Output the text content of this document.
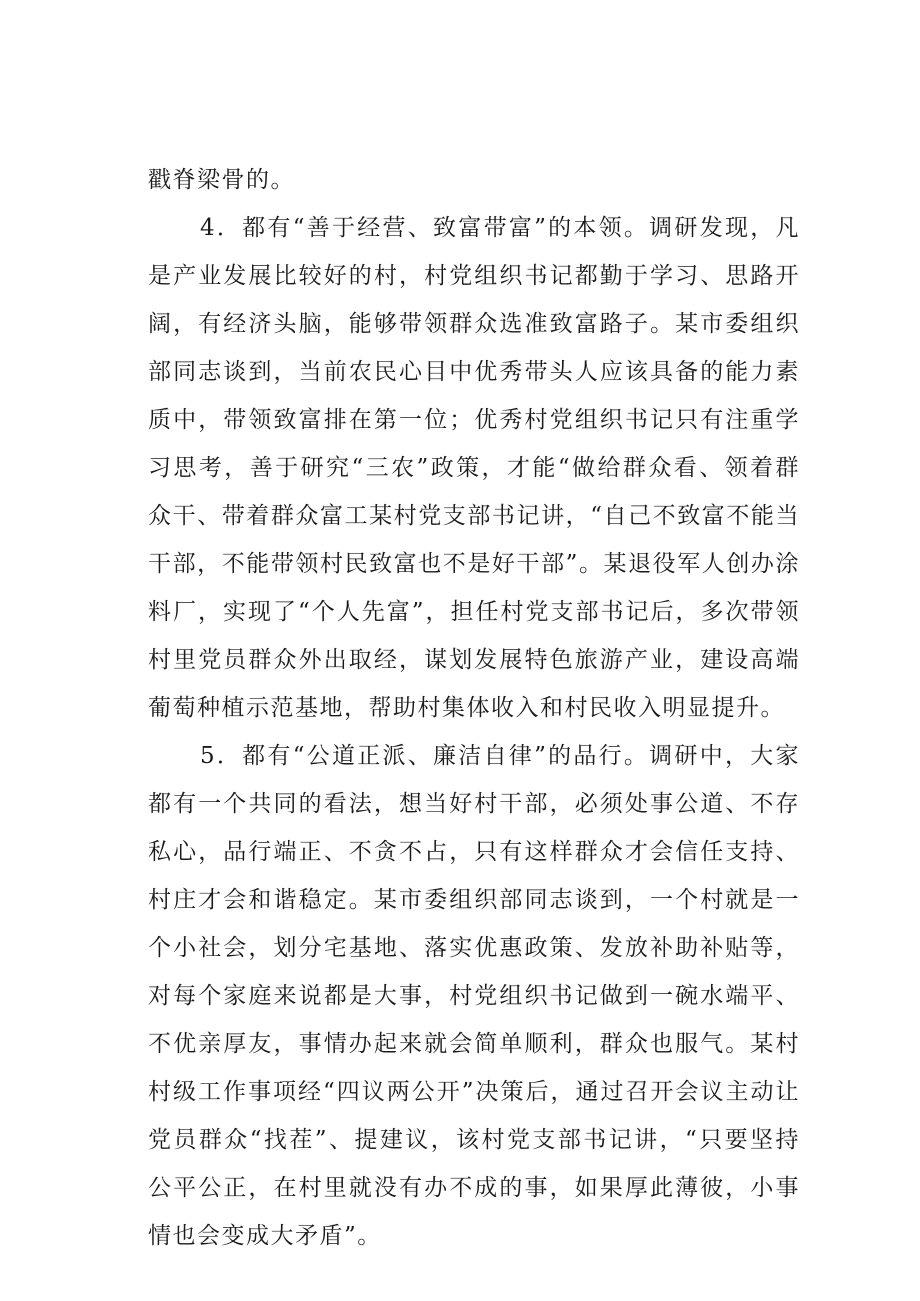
戳脊梁骨的。

4．都有“善于经营、致富带富”的本领。调研发现，凡是产业发展比较好的村，村党组织书记都勤于学习、思路开阔，有经济头脑，能够带领群众选准致富路子。某市委组织部同志谈到，当前农民心目中优秀带头人应该具备的能力素质中，带领致富排在第一位；优秀村党组织书记只有注重学习思考，善于研究“三农”政策，才能“做给群众看、领着群众干、带着群众富工某村党支部书记讲，“自己不致富不能当干部，不能带领村民致富也不是好干部”。某退役军人创办涂料厂，实现了“个人先富”，担任村党支部书记后，多次带领村里党员群众外出取经，谋划发展特色旅游产业，建设高端葡萄种植示范基地，帮助村集体收入和村民收入明显提升。

5．都有“公道正派、廉洁自律”的品行。调研中，大家都有一个共同的看法，想当好村干部，必须处事公道、不存私心，品行端正、不贪不占，只有这样群众才会信任支持、村庄才会和谐稳定。某市委组织部同志谈到，一个村就是一个小社会，划分宅基地、落实优惠政策、发放补助补贴等，对每个家庭来说都是大事，村党组织书记做到一碗水端平、不优亲厚友，事情办起来就会简单顺利，群众也服气。某村村级工作事项经“四议两公开”决策后，通过召开会议主动让党员群众“找茬”、提建议，该村党支部书记讲，“只要坚持公平公正，在村里就没有办不成的事，如果厚此薄彼，小事情也会变成大矛盾”。
